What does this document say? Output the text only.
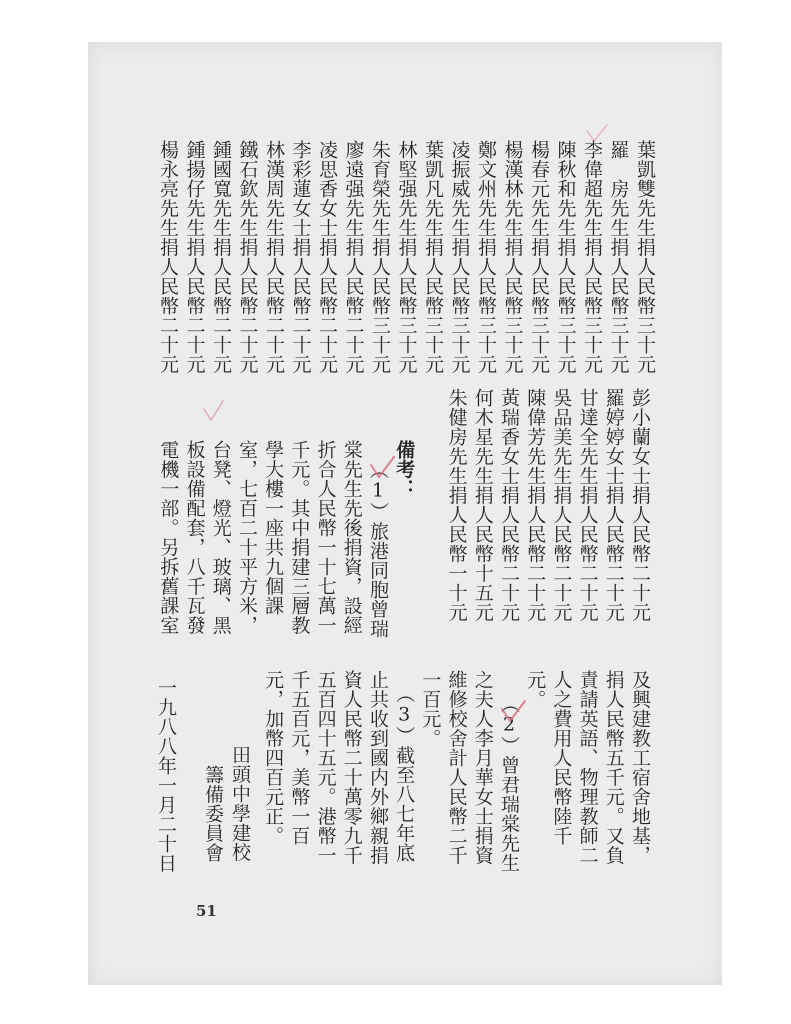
葉凱雙先生捐人民幣三十元
羅　房先生捐人民幣三十元
李偉超先生捐人民幣三十元
陳秋和先生捐人民幣三十元
楊春元先生捐人民幣三十元
楊漢林先生捐人民幣三十元
鄭文州先生捐人民幣三十元
凌振威先生捐人民幣三十元
葉凱凡先生捐人民幣三十元
林堅强先生捐人民幣三十元
朱育榮先生捐人民幣三十元
廖遠强先生捐人民幣二十元
凌思香女士捐人民幣二十元
李彩蓮女士捐人民幣二十元
林漢周先生捐人民幣二十元
鐵石欽先生捐人民幣二十元
鍾國寬先生捐人民幣二十元
鍾揚仔先生捐人民幣二十元
楊永亮先生捐人民幣二十元
彭小蘭女士捐人民幣二十元
羅婷婷女士捐人民幣二十元
甘達全先生捐人民幣二十元
吳品美先生捐人民幣二十元
陳偉芳先生捐人民幣二十元
黃瑞香女士捐人民幣二十元
何木星先生捐人民幣十五元
朱健房先生捐人民幣一十元
備考：
（1）旅港同胞曾瑞
棠先生先後捐資，設經
折合人民幣一十七萬一
千元。其中捐建三層教
學大樓一座共九個課
室，七百二十平方米，
台凳、燈光、玻璃、黑
板設備配套，八千瓦發
電機一部。另拆舊課室
及興建教工宿舍地基，
捐人民幣五千元。又負
責請英語、物理教師二
人之費用人民幣陸千
元。
（2）曾君瑞棠先生
之夫人李月華女士捐資
維修校舍計人民幣二千
一百元。
（3）截至八七年底
止共收到國内外鄉親捐
資人民幣二十萬零九千
五百四十五元。港幣一
千五百元，美幣一百
元，加幣四百元正。
田頭中學建校
籌備委員會
一九八八年一月二十日
51
